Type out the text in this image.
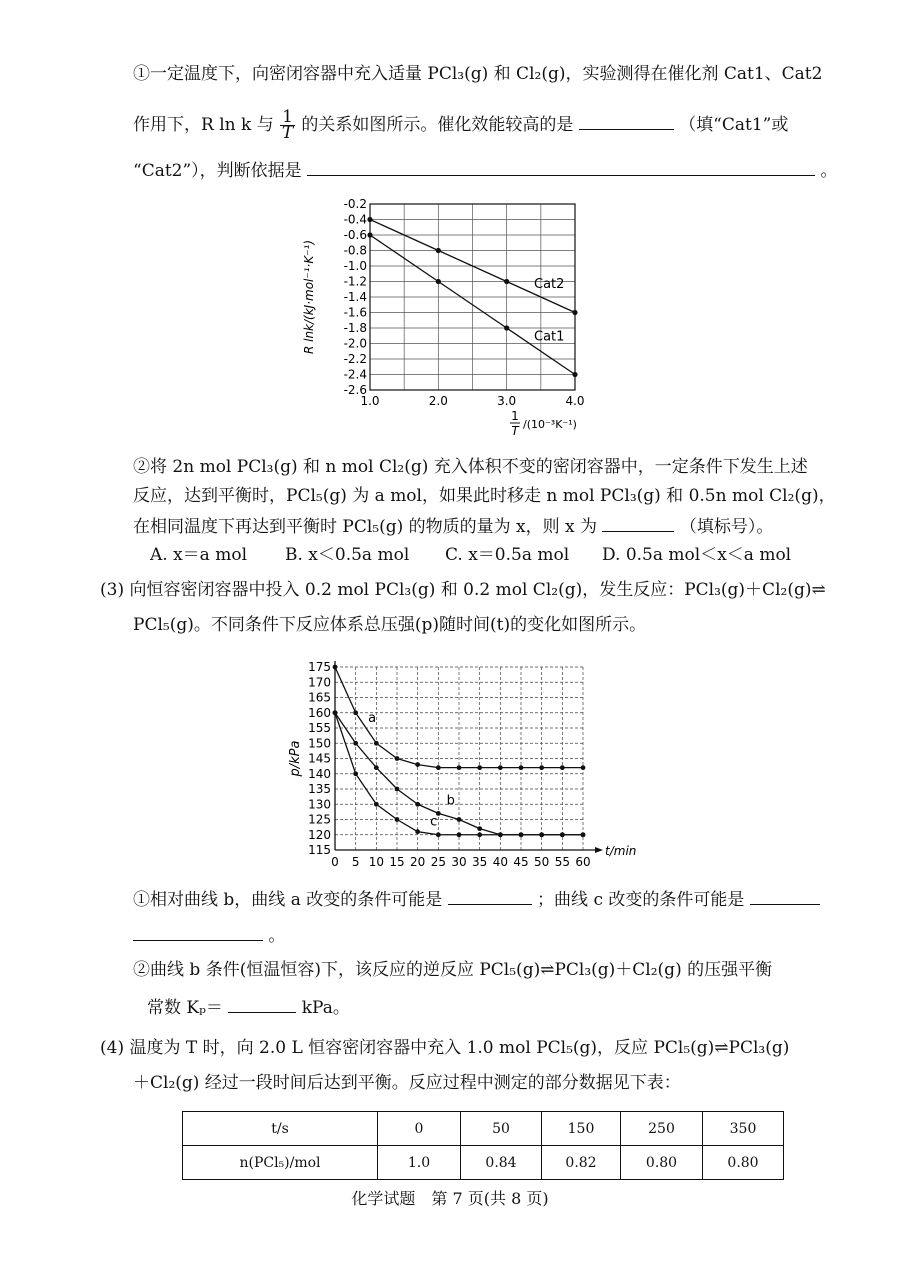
①一定温度下，向密闭容器中充入适量 PCl₃(g) 和 Cl₂(g)，实验测得在催化剂 Cat1、Cat2
作用下，R ln k 与 $\frac{1}{T}$ 的关系如图所示。催化效能较高的是	（填“Cat1”或
“Cat2”），判断依据是	。
-0.2
-0.4
-0.6
-0.8
-1.0
-1.2
-1.4
-1.6
-1.8
-2.0
-2.2
-2.4
-2.6
1.0	2.0	3.0	4.0
Cat2
Cat1
R lnk/(kJ·mol⁻¹·K⁻¹)
1
T /(10⁻³K⁻¹)
②将 2n mol PCl₃(g) 和 n mol Cl₂(g) 充入体积不变的密闭容器中，一定条件下发生上述
反应，达到平衡时，PCl₅(g) 为 a mol，如果此时移走 n mol PCl₃(g) 和 0.5n mol Cl₂(g)，
在相同温度下再达到平衡时 PCl₅(g) 的物质的量为 x，则 x 为	（填标号）。
A. x＝a mol B. x＜0.5a mol C. x＝0.5a mol D. 0.5a mol＜x＜a mol
(3) 向恒容密闭容器中投入 0.2 mol PCl₃(g) 和 0.2 mol Cl₂(g)，发生反应：PCl₃(g)＋Cl₂(g)⇌
PCl₅(g)。不同条件下反应体系总压强(p)随时间(t)的变化如图所示。
0 5 10 15 20 25 30 35 40 45 50 55 60
175
170
165
160
155
150
145
140
135
130
125
120
115
a
b
c
p/kPa
t/min
①相对曲线 b，曲线 a 改变的条件可能是	；曲线 c 改变的条件可能是
。
②曲线 b 条件(恒温恒容)下，该反应的逆反应 PCl₅(g)⇌PCl₃(g)＋Cl₂(g) 的压强平衡
常数 Kₚ＝	kPa。
(4) 温度为 T 时，向 2.0 L 恒容密闭容器中充入 1.0 mol PCl₅(g)，反应 PCl₅(g)⇌PCl₃(g)
＋Cl₂(g) 经过一段时间后达到平衡。反应过程中测定的部分数据见下表：
t/s	0	50	150	250	350
n(PCl₅)/mol	1.0	0.84	0.82	0.80	0.80
化学试题　第 7 页(共 8 页)
